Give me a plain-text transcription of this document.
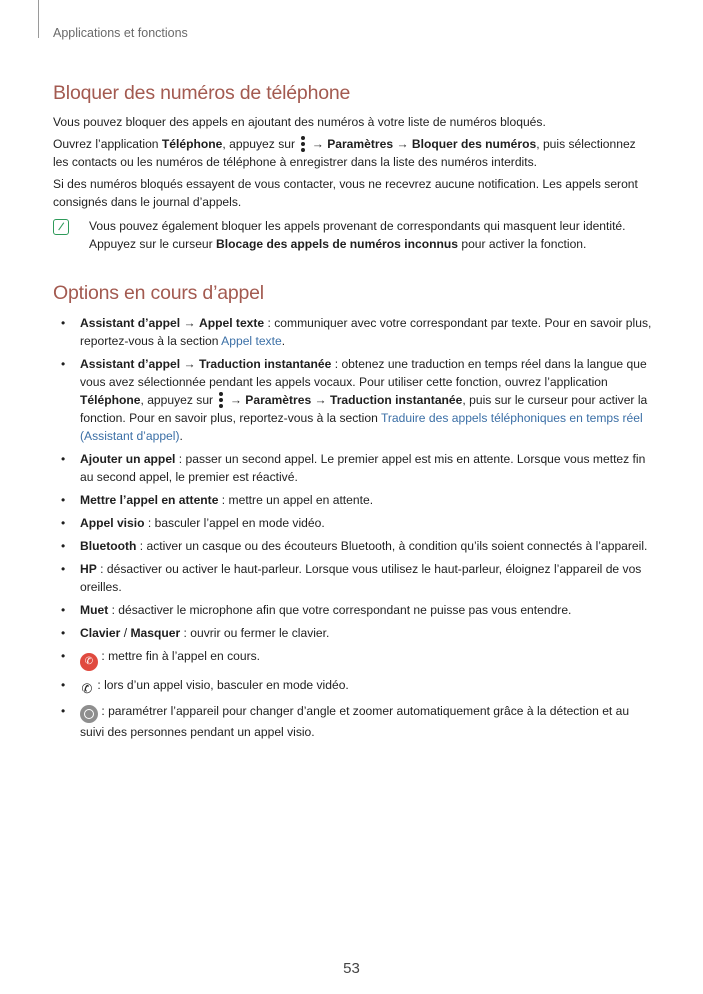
Applications et fonctions
Bloquer des numéros de téléphone

Vous pouvez bloquer des appels en ajoutant des numéros à votre liste de numéros bloqués.

Ouvrez l’application Téléphone, appuyez sur
→ Paramètres → Bloquer des numéros, puis sélectionnez les contacts ou les numéros de téléphone à enregistrer dans la liste des numéros interdits.

Si des numéros bloqués essayent de vous contacter, vous ne recevrez aucune notification. Les appels seront consignés dans le journal d’appels.

Vous pouvez également bloquer les appels provenant de correspondants qui masquent leur identité. Appuyez sur le curseur Blocage des appels de numéros inconnus pour activer la fonction.
Options en cours d’appel
• Assistant d’appel → Appel texte : communiquer avec votre correspondant par texte. Pour en savoir plus, reportez-vous à la section Appel texte.
• Assistant d’appel → Traduction instantanée : obtenez une traduction en temps réel dans la langue que vous avez sélectionnée pendant les appels vocaux. Pour utiliser cette fonction, ouvrez l’application Téléphone, appuyez sur
→ Paramètres → Traduction instantanée, puis sur le curseur pour activer la fonction. Pour en savoir plus, reportez-vous à la section Traduire des appels téléphoniques en temps réel (Assistant d’appel).
• Ajouter un appel : passer un second appel. Le premier appel est mis en attente. Lorsque vous mettez fin au second appel, le premier est réactivé.
• Mettre l’appel en attente : mettre un appel en attente.
• Appel visio : basculer l’appel en mode vidéo.
• Bluetooth : activer un casque ou des écouteurs Bluetooth, à condition qu’ils soient connectés à l’appareil.
• HP : désactiver ou activer le haut-parleur. Lorsque vous utilisez le haut-parleur, éloignez l’appareil de vos oreilles.
• Muet : désactiver le microphone afin que votre correspondant ne puisse pas vous entendre.
• Clavier / Masquer : ouvrir ou fermer le clavier.
• ✆ : mettre fin à l’appel en cours.
• ✆ : lors d’un appel visio, basculer en mode vidéo.
• : paramétrer l’appareil pour changer d’angle et zoomer automatiquement grâce à la détection et au suivi des personnes pendant un appel visio.
53
